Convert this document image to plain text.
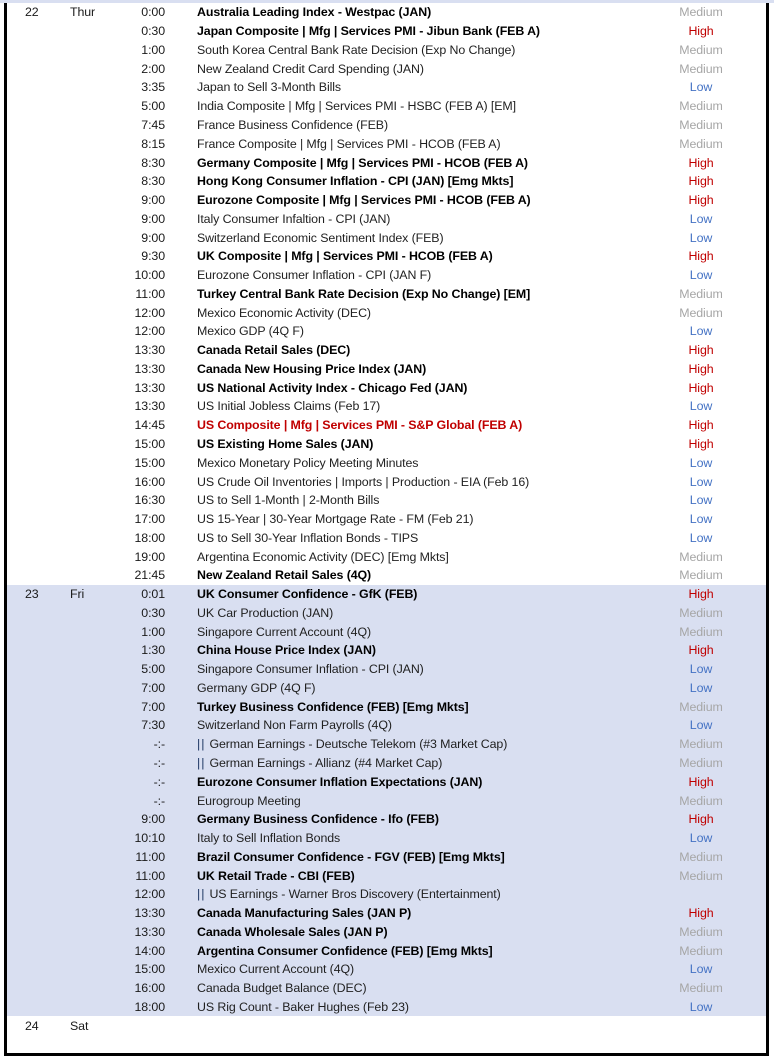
22	Thur	0:00	Australia Leading Index - Westpac (JAN)	Medium
0:30	Japan Composite | Mfg | Services PMI - Jibun Bank (FEB A)	High
1:00	South Korea Central Bank Rate Decision (Exp No Change)	Medium
2:00	New Zealand Credit Card Spending (JAN)	Medium
3:35	Japan to Sell 3-Month Bills	Low
5:00	India Composite | Mfg | Services PMI - HSBC (FEB A) [EM]	Medium
7:45	France Business Confidence (FEB)	Medium
8:15	France Composite | Mfg | Services PMI - HCOB (FEB A)	Medium
8:30	Germany Composite | Mfg | Services PMI - HCOB (FEB A)	High
8:30	Hong Kong Consumer Inflation - CPI (JAN) [Emg Mkts]	High
9:00	Eurozone Composite | Mfg | Services PMI - HCOB (FEB A)	High
9:00	Italy Consumer Infaltion - CPI (JAN)	Low
9:00	Switzerland Economic Sentiment Index (FEB)	Low
9:30	UK Composite | Mfg | Services PMI - HCOB (FEB A)	High
10:00	Eurozone Consumer Inflation - CPI (JAN F)	Low
11:00	Turkey Central Bank Rate Decision (Exp No Change) [EM]	Medium
12:00	Mexico Economic Activity (DEC)	Medium
12:00	Mexico GDP (4Q F)	Low
13:30	Canada Retail Sales (DEC)	High
13:30	Canada New Housing Price Index (JAN)	High
13:30	US National Activity Index - Chicago Fed (JAN)	High
13:30	US Initial Jobless Claims (Feb 17)	Low
14:45	US Composite | Mfg | Services PMI - S&P Global (FEB A)	High
15:00	US Existing Home Sales (JAN)	High
15:00	Mexico Monetary Policy Meeting Minutes	Low
16:00	US Crude Oil Inventories | Imports | Production - EIA (Feb 16)	Low
16:30	US to Sell 1-Month | 2-Month Bills	Low
17:00	US 15-Year | 30-Year Mortgage Rate - FM (Feb 21)	Low
18:00	US to Sell 30-Year Inflation Bonds - TIPS	Low
19:00	Argentina Economic Activity (DEC) [Emg Mkts]	Medium
21:45	New Zealand Retail Sales (4Q)	Medium
23	Fri	0:01	UK Consumer Confidence - GfK (FEB)	High
0:30	UK Car Production (JAN)	Medium
1:00	Singapore Current Account (4Q)	Medium
1:30	China House Price Index (JAN)	High
5:00	Singapore Consumer Inflation - CPI (JAN)	Low
7:00	Germany GDP (4Q F)	Low
7:00	Turkey Business Confidence (FEB) [Emg Mkts]	Medium
7:30	Switzerland Non Farm Payrolls (4Q)	Low
-:-	|| German Earnings - Deutsche Telekom (#3 Market Cap)	Medium
-:-	|| German Earnings - Allianz (#4 Market Cap)	Medium
-:-	Eurozone Consumer Inflation Expectations (JAN)	High
-:-	Eurogroup Meeting	Medium
9:00	Germany Business Confidence - Ifo (FEB)	High
10:10	Italy to Sell Inflation Bonds	Low
11:00	Brazil Consumer Confidence - FGV (FEB) [Emg Mkts]	Medium
11:00	UK Retail Trade - CBI (FEB)	Medium
12:00	|| US Earnings - Warner Bros Discovery (Entertainment)
13:30	Canada Manufacturing Sales (JAN P)	High
13:30	Canada Wholesale Sales (JAN P)	Medium
14:00	Argentina Consumer Confidence (FEB) [Emg Mkts]	Medium
15:00	Mexico Current Account (4Q)	Low
16:00	Canada Budget Balance (DEC)	Medium
18:00	US Rig Count - Baker Hughes (Feb 23)	Low
24	Sat
